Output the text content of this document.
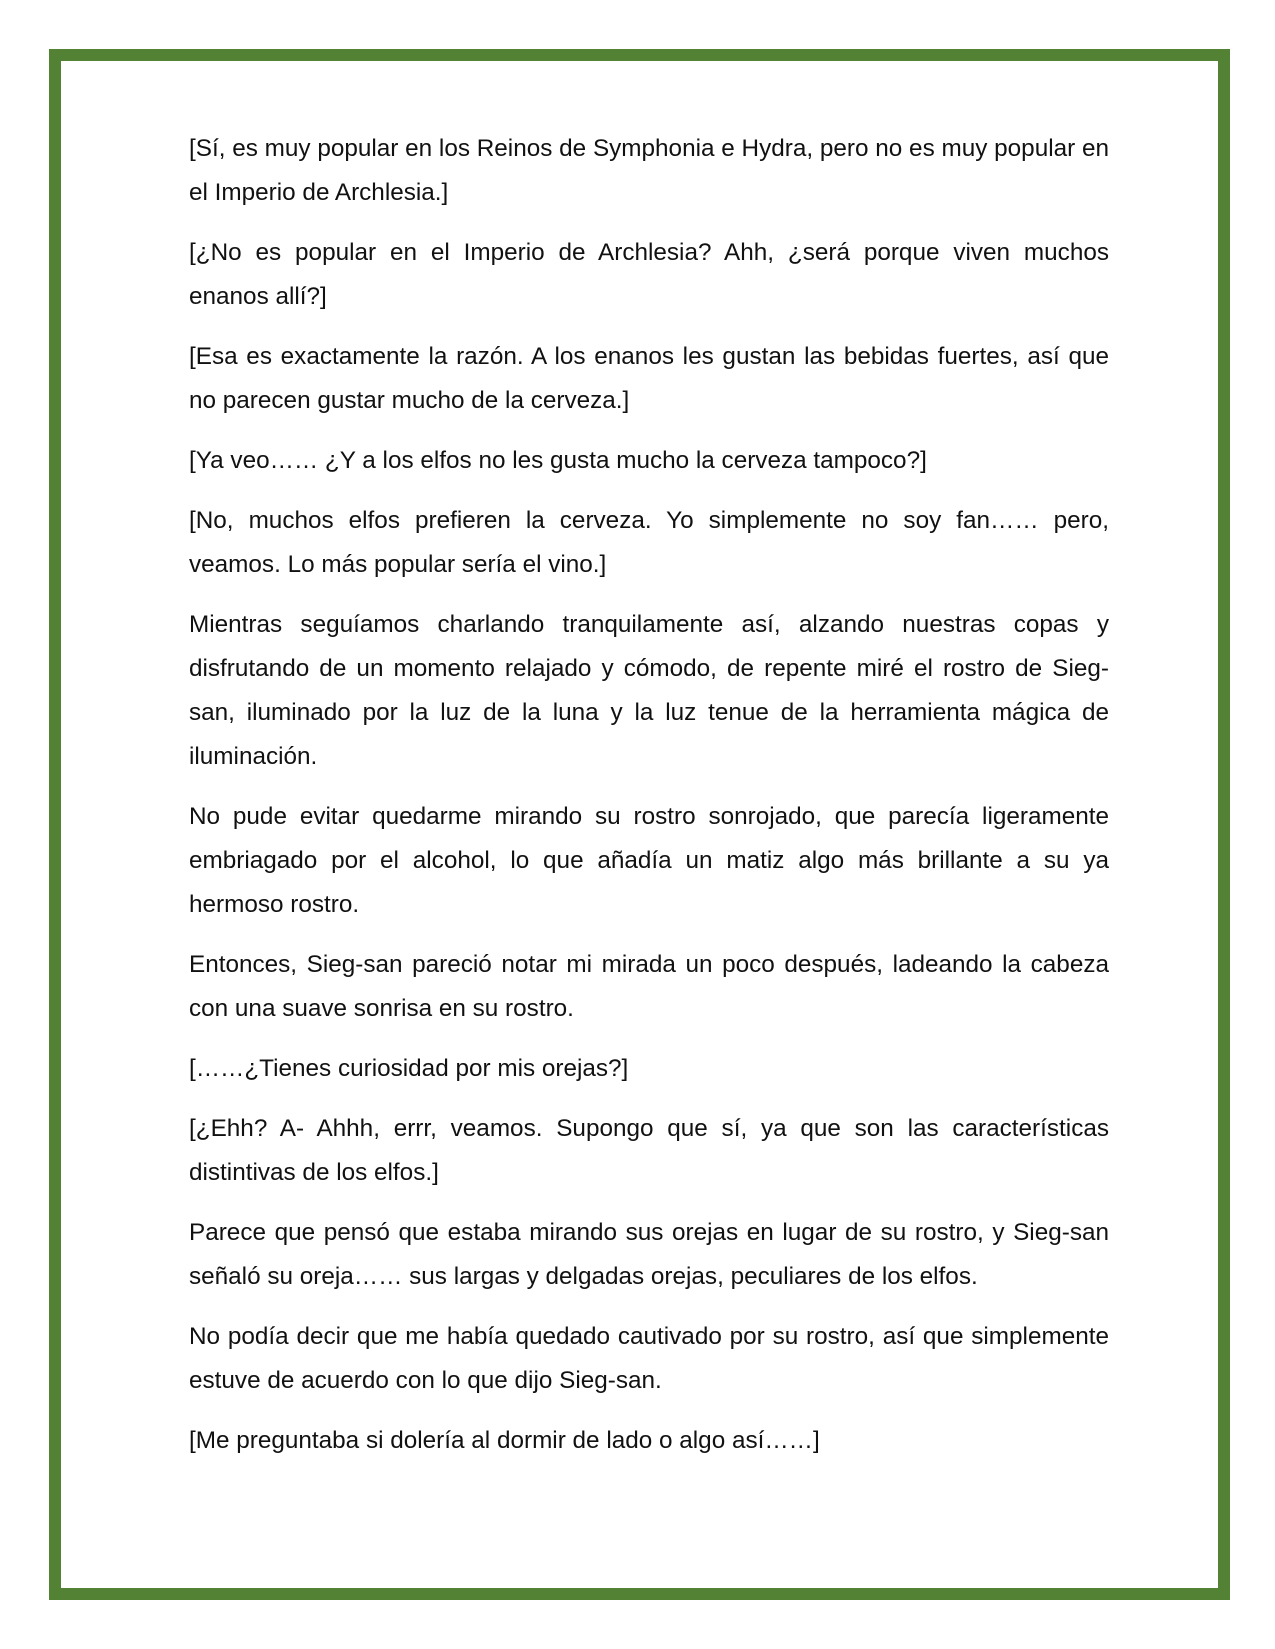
[Sí, es muy popular en los Reinos de Symphonia e Hydra, pero no es muy popular en el Imperio de Archlesia.]

[¿No es popular en el Imperio de Archlesia? Ahh, ¿será porque viven muchos enanos allí?]

[Esa es exactamente la razón. A los enanos les gustan las bebidas fuertes, así que no parecen gustar mucho de la cerveza.]

[Ya veo…… ¿Y a los elfos no les gusta mucho la cerveza tampoco?]

[No, muchos elfos prefieren la cerveza. Yo simplemente no soy fan…… pero, veamos. Lo más popular sería el vino.]

Mientras seguíamos charlando tranquilamente así, alzando nuestras copas y disfrutando de un momento relajado y cómodo, de repente miré el rostro de Sieg-san, iluminado por la luz de la luna y la luz tenue de la herramienta mágica de iluminación.

No pude evitar quedarme mirando su rostro sonrojado, que parecía ligeramente embriagado por el alcohol, lo que añadía un matiz algo más brillante a su ya hermoso rostro.

Entonces, Sieg-san pareció notar mi mirada un poco después, ladeando la cabeza con una suave sonrisa en su rostro.

[……¿Tienes curiosidad por mis orejas?]

[¿Ehh? A- Ahhh, errr, veamos. Supongo que sí, ya que son las características distintivas de los elfos.]

Parece que pensó que estaba mirando sus orejas en lugar de su rostro, y Sieg-san señaló su oreja…… sus largas y delgadas orejas, peculiares de los elfos.

No podía decir que me había quedado cautivado por su rostro, así que simplemente estuve de acuerdo con lo que dijo Sieg-san.

[Me preguntaba si dolería al dormir de lado o algo así……]
